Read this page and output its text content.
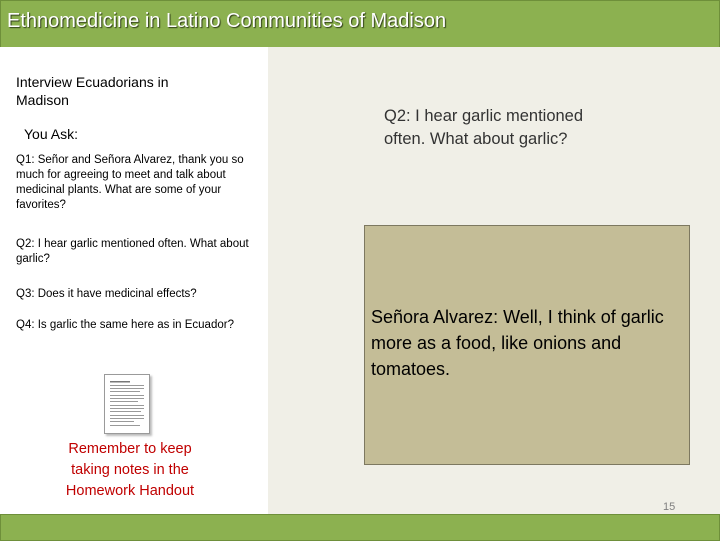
Ethnomedicine in Latino Communities of Madison
Interview Ecuadorians in Madison
You Ask:
Q1: Señor and Señora Alvarez, thank you so much for agreeing to meet and talk about medicinal plants. What are some of your favorites?
Q2: I hear garlic mentioned often. What about garlic?
Q3: Does it have medicinal effects?
Q4: Is garlic the same here as in Ecuador?
Remember to keep taking notes in the Homework Handout
Q2: I hear garlic mentioned often. What about garlic?
Señora Alvarez: Well, I think of garlic more as a food, like onions and tomatoes.
15
